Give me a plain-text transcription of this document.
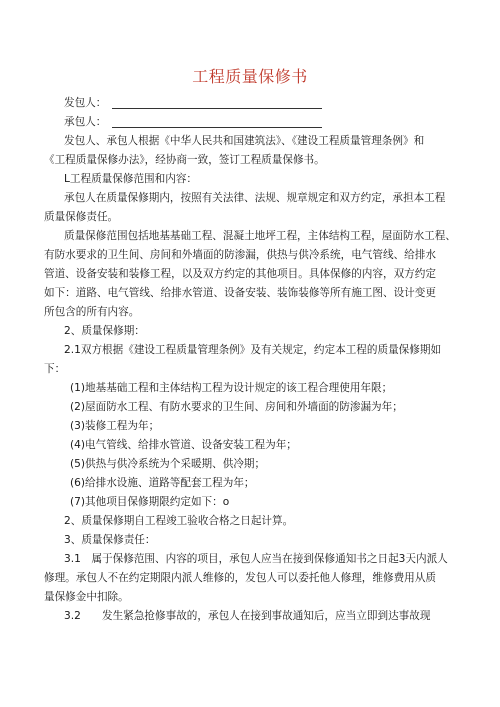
工程质量保修书
发包人：
承包人：
发包人、承包人根据《中华人民共和国建筑法》、《建设工程质量管理条例》和
《工程质量保修办法》，经协商一致，签订工程质量保修书。
L工程质量保修范围和内容：
承包人在质量保修期内，按照有关法律、法规、规章规定和双方约定，承担本工程
质量保修责任。
质量保修范围包括地基基础工程、混凝土地坪工程，主体结构工程，屋面防水工程、
有防水要求的卫生间、房间和外墙面的防渗漏，供热与供冷系统，电气管线、给排水
管道、设备安装和装修工程，以及双方约定的其他项目。具体保修的内容，双方约定
如下：道路、电气管线、给排水管道、设备安装、装饰装修等所有施工图、设计变更
所包含的所有内容。
2、质量保修期：
2.1双方根据《建设工程质量管理条例》及有关规定，约定本工程的质量保修期如
下：
(1)地基基础工程和主体结构工程为设计规定的该工程合理使用年限；
(2)屋面防水工程、有防水要求的卫生间、房间和外墙面的防渗漏为年；
(3)装修工程为年；
(4)电气管线、给排水管道、设备安装工程为年；
(5)供热与供冷系统为个采暖期、供冷期；
(6)给排水设施、道路等配套工程为年；
(7)其他项目保修期限约定如下：o
2、质量保修期自工程竣工验收合格之日起计算。
3、质量保修责任：
3.1　属于保修范围、内容的项目，承包人应当在接到保修通知书之日起3天内派人
修理。承包人不在约定期限内派人维修的，发包人可以委托他人修理，维修费用从质
量保修金中扣除。
3.2　　发生紧急抢修事故的，承包人在接到事故通知后，应当立即到达事故现
